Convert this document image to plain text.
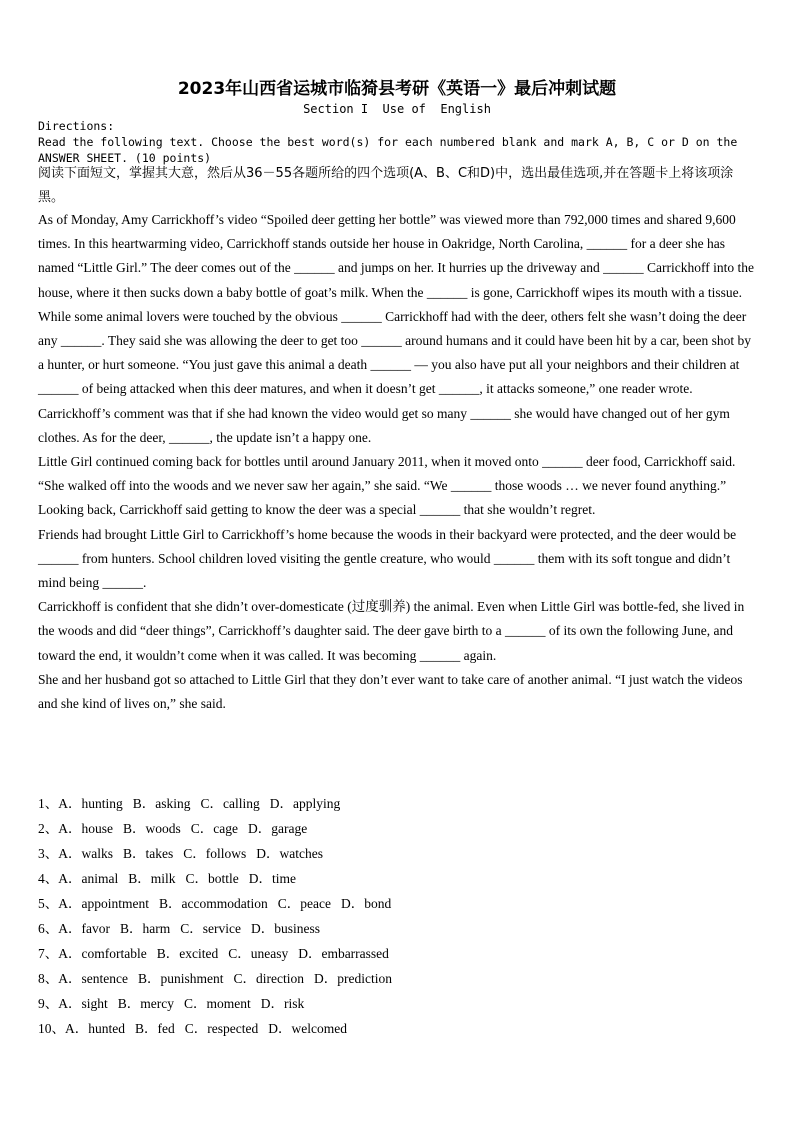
2023年山西省运城市临猗县考研《英语一》最后冲刺试题
Section I  Use of  English
Directions:
Read the following text. Choose the best word(s) for each numbered blank and mark A, B, C or D on the
ANSWER SHEET. (10 points)
阅读下面短文，掌握其大意，然后从36－55各题所给的四个选项(A、B、C和D)中，选出最佳选项,并在答题卡上将该项涂黑。

As of Monday, Amy Carrickhoff’s video “Spoiled deer getting her bottle” was viewed more than 792,000 times and shared 9,600 times. In this heartwarming video, Carrickhoff stands outside her house in Oakridge, North Carolina, ______ for a deer she has named “Little Girl.” The deer comes out of the ______ and jumps on her. It hurries up the driveway and ______ Carrickhoff into the house, where it then sucks down a baby bottle of goat’s milk. When the ______ is gone, Carrickhoff wipes its mouth with a tissue.

While some animal lovers were touched by the obvious ______ Carrickhoff had with the deer, others felt she wasn’t doing the deer any ______. They said she was allowing the deer to get too ______ around humans and it could have been hit by a car, been shot by a hunter, or hurt someone. “You just gave this animal a death ______ — you also have put all your neighbors and their children at ______ of being attacked when this deer matures, and when it doesn’t get ______, it attacks someone,” one reader wrote.

Carrickhoff’s comment was that if she had known the video would get so many ______ she would have changed out of her gym clothes. As for the deer, ______, the update isn’t a happy one.

Little Girl continued coming back for bottles until around January 2011, when it moved onto ______ deer food, Carrickhoff said. “She walked off into the woods and we never saw her again,” she said. “We ______ those woods … we never found anything.”

Looking back, Carrickhoff said getting to know the deer was a special ______ that she wouldn’t regret.

Friends had brought Little Girl to Carrickhoff’s home because the woods in their backyard were protected, and the deer would be ______ from hunters. School children loved visiting the gentle creature, who would ______ them with its soft tongue and didn’t mind being ______.

Carrickhoff is confident that she didn’t over-domesticate (过度驯养) the animal. Even when Little Girl was bottle-fed, she lived in the woods and did “deer things”, Carrickhoff’s daughter said. The deer gave birth to a ______ of its own the following June, and toward the end, it wouldn’t come when it was called. It was becoming ______ again.

She and her husband got so attached to Little Girl that they don’t ever want to take care of another animal. “I just watch the videos and she kind of lives on,” she said.

1、A．hunting B．asking C．calling D．applying
2、A．house B．woods C．cage D．garage
3、A．walks B．takes C．follows D．watches
4、A．animal B．milk C．bottle D．time
5、A．appointment B．accommodation C．peace D．bond
6、A．favor B．harm C．service D．business
7、A．comfortable B．excited C．uneasy D．embarrassed
8、A．sentence B．punishment C．direction D．prediction
9、A．sight B．mercy C．moment D．risk
10、A．hunted B．fed C．respected D．welcomed
